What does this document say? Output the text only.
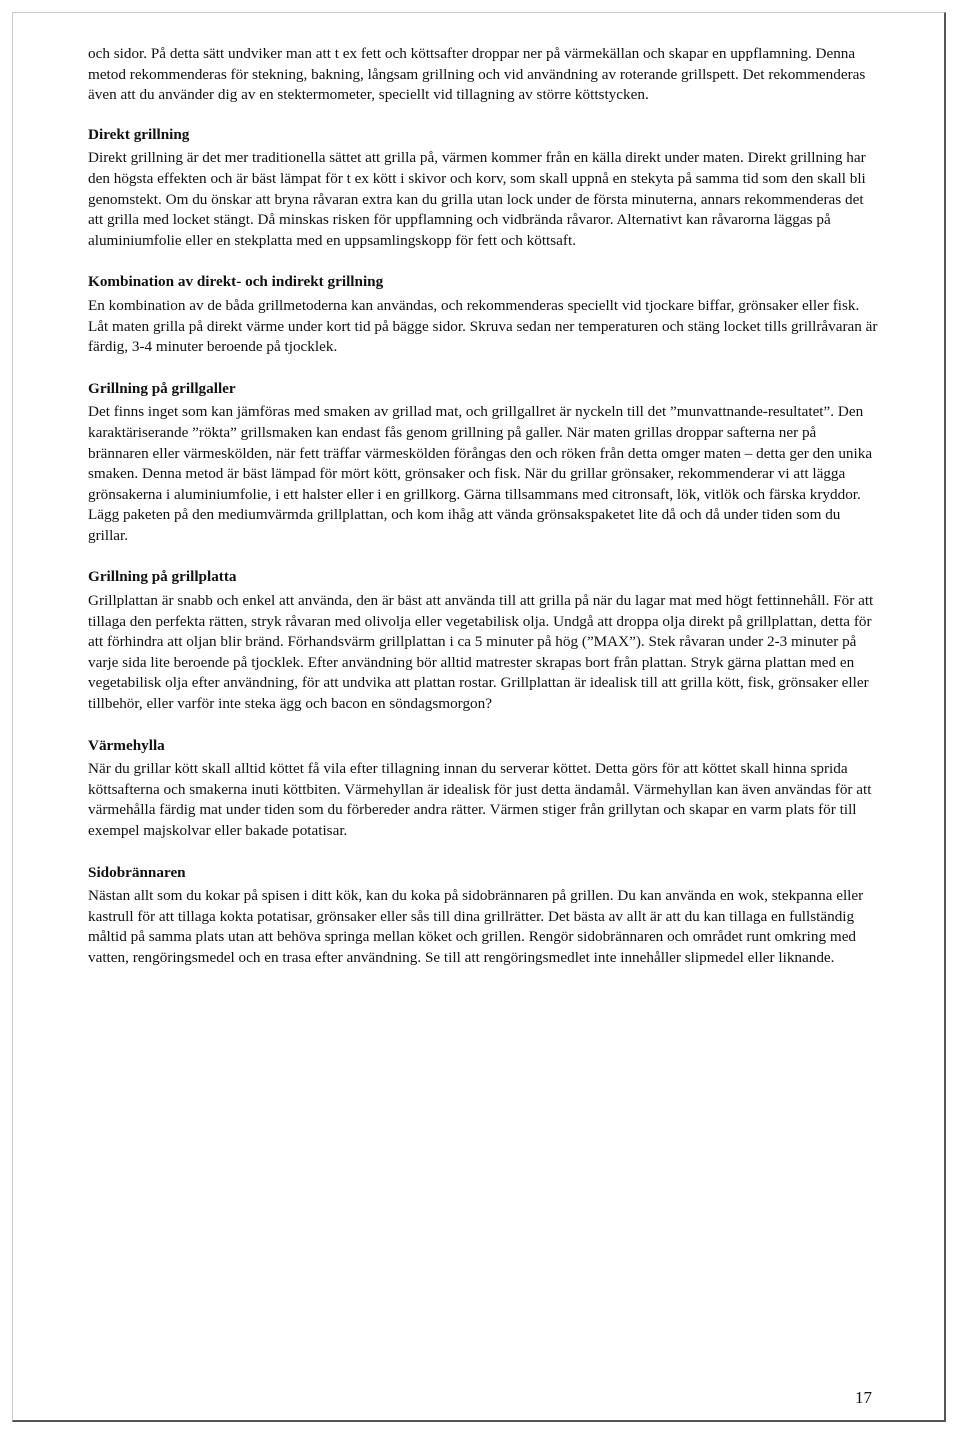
och sidor. På detta sätt undviker man att t ex fett och köttsafter droppar ner på värmekällan och skapar en uppflamning. Denna metod rekommenderas för stekning, bakning, långsam grillning och vid användning av roterande grillspett. Det rekommenderas även att du använder dig av en stektermometer, speciellt vid tillagning av större köttstycken.

Direkt grillning

Direkt grillning är det mer traditionella sättet att grilla på, värmen kommer från en källa direkt under maten. Direkt grillning har den högsta effekten och är bäst lämpat för t ex kött i skivor och korv, som skall uppnå en stekyta på samma tid som den skall bli genomstekt. Om du önskar att bryna råvaran extra kan du grilla utan lock under de första minuterna, annars rekommenderas det att grilla med locket stängt. Då minskas risken för uppflamning och vidbrända råvaror. Alternativt kan råvarorna läggas på aluminiumfolie eller en stekplatta med en uppsamlingskopp för fett och köttsaft.

Kombination av direkt- och indirekt grillning

En kombination av de båda grillmetoderna kan användas, och rekommenderas speciellt vid tjockare biffar, grönsaker eller fisk. Låt maten grilla på direkt värme under kort tid på bägge sidor. Skruva sedan ner temperaturen och stäng locket tills grillråvaran är färdig, 3-4 minuter beroende på tjocklek.

Grillning på grillgaller

Det finns inget som kan jämföras med smaken av grillad mat, och grillgallret är nyckeln till det ”munvattnande-resultatet”. Den karaktäriserande ”rökta” grillsmaken kan endast fås genom grillning på galler. När maten grillas droppar safterna ner på brännaren eller värmeskölden, när fett träffar värmeskölden förångas den och röken från detta omger maten – detta ger den unika smaken. Denna metod är bäst lämpad för mört kött, grönsaker och fisk. När du grillar grönsaker, rekommenderar vi att lägga grönsakerna i aluminiumfolie, i ett halster eller i en grillkorg. Gärna tillsammans med citronsaft, lök, vitlök och färska kryddor. Lägg paketen på den mediumvärmda grillplattan, och kom ihåg att vända grönsakspaketet lite då och då under tiden som du grillar.

Grillning på grillplatta

Grillplattan är snabb och enkel att använda, den är bäst att använda till att grilla på när du lagar mat med högt fettinnehåll. För att tillaga den perfekta rätten, stryk råvaran med olivolja eller vegetabilisk olja. Undgå att droppa olja direkt på grillplattan, detta för att förhindra att oljan blir bränd. Förhandsvärm grillplattan i ca 5 minuter på hög (”MAX”). Stek råvaran under 2-3 minuter på varje sida lite beroende på tjocklek. Efter användning bör alltid matrester skrapas bort från plattan. Stryk gärna plattan med en vegetabilisk olja efter användning, för att undvika att plattan rostar. Grillplattan är idealisk till att grilla kött, fisk, grönsaker eller tillbehör, eller varför inte steka ägg och bacon en söndagsmorgon?

Värmehylla

När du grillar kött skall alltid köttet få vila efter tillagning innan du serverar köttet. Detta görs för att köttet skall hinna sprida köttsafterna och smakerna inuti köttbiten. Värmehyllan är idealisk för just detta ändamål. Värmehyllan kan även användas för att värmehålla färdig mat under tiden som du förbereder andra rätter. Värmen stiger från grillytan och skapar en varm plats för till exempel majskolvar eller bakade potatisar.

Sidobrännaren

Nästan allt som du kokar på spisen i ditt kök, kan du koka på sidobrännaren på grillen. Du kan använda en wok, stekpanna eller kastrull för att tillaga kokta potatisar, grönsaker eller sås till dina grillrätter. Det bästa av allt är att du kan tillaga en fullständig måltid på samma plats utan att behöva springa mellan köket och grillen. Rengör sidobrännaren och området runt omkring med vatten, rengöringsmedel och en trasa efter användning. Se till att rengöringsmedlet inte innehåller slipmedel eller liknande.

17
